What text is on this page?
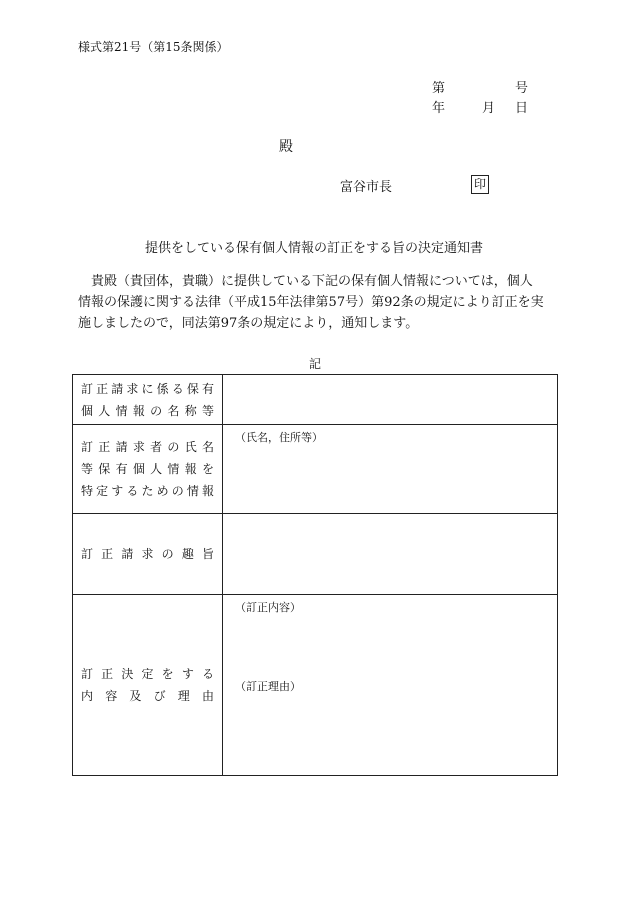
様式第21号（第15条関係）
第	号
年	月 日
殿
富谷市長	印
提供をしている保有個人情報の訂正をする旨の決定通知書
　貴殿（貴団体，貴職）に提供している下記の保有個人情報については，個人
情報の保護に関する法律（平成15年法律第57号）第92条の規定により訂正を実
施しましたので，同法第97条の規定により，通知します。
記
訂正請求に係る保有
個人情報の名称等	

訂正請求者の氏名
等保有個人情報を
特定するための情報	（氏名，住所等）

訂正請求の趣旨	

訂正決定をする
内容及び理由	（訂正内容）
（訂正理由）
